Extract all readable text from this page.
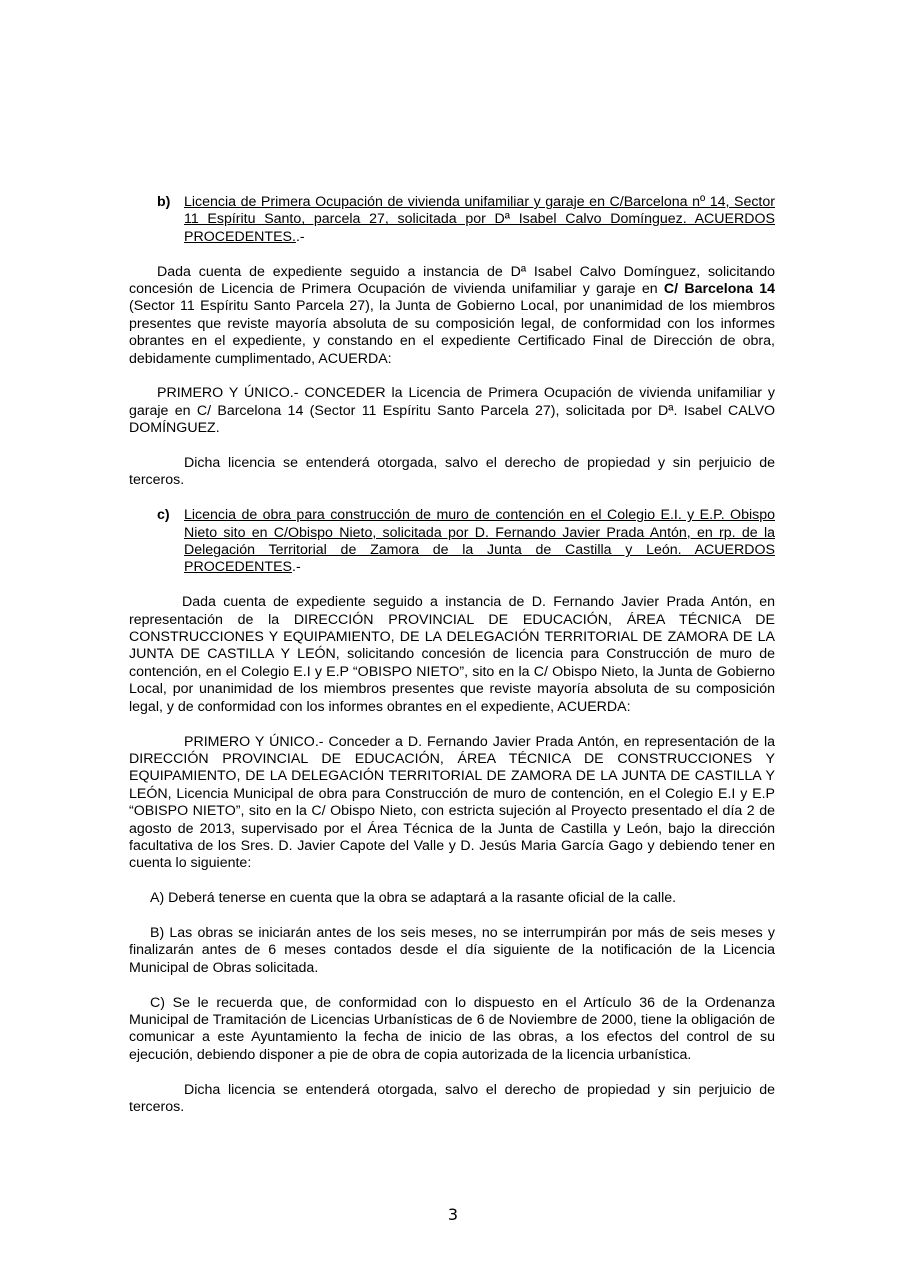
b) Licencia de Primera Ocupación de vivienda unifamiliar y garaje en C/Barcelona nº 14, Sector 11 Espíritu Santo, parcela 27, solicitada por Dª Isabel Calvo Domínguez. ACUERDOS PROCEDENTES..-

Dada cuenta de expediente seguido a instancia de Dª Isabel Calvo Domínguez, solicitando concesión de Licencia de Primera Ocupación de vivienda unifamiliar y garaje en C/ Barcelona 14 (Sector 11 Espíritu Santo Parcela 27), la Junta de Gobierno Local, por unanimidad de los miembros presentes que reviste mayoría absoluta de su composición legal, de conformidad con los informes obrantes en el expediente, y constando en el expediente Certificado Final de Dirección de obra, debidamente cumplimentado, ACUERDA:

PRIMERO Y ÚNICO.- CONCEDER la Licencia de Primera Ocupación de vivienda unifamiliar y garaje en C/ Barcelona 14 (Sector 11 Espíritu Santo Parcela 27), solicitada por Dª. Isabel CALVO DOMÍNGUEZ.

Dicha licencia se entenderá otorgada, salvo el derecho de propiedad y sin perjuicio de terceros.

c) Licencia de obra para construcción de muro de contención en el Colegio E.I. y E.P. Obispo Nieto sito en C/Obispo Nieto, solicitada por D. Fernando Javier Prada Antón, en rp. de la Delegación Territorial de Zamora de la Junta de Castilla y León. ACUERDOS PROCEDENTES.-

Dada cuenta de expediente seguido a instancia de D. Fernando Javier Prada Antón, en representación de la DIRECCIÓN PROVINCIAL DE EDUCACIÓN, ÁREA TÉCNICA DE CONSTRUCCIONES Y EQUIPAMIENTO, DE LA DELEGACIÓN TERRITORIAL DE ZAMORA DE LA JUNTA DE CASTILLA Y LEÓN, solicitando concesión de licencia para Construcción de muro de contención, en el Colegio E.I y E.P “OBISPO NIETO”, sito en la C/ Obispo Nieto, la Junta de Gobierno Local, por unanimidad de los miembros presentes que reviste mayoría absoluta de su composición legal, y de conformidad con los informes obrantes en el expediente, ACUERDA:

PRIMERO Y ÚNICO.- Conceder a D. Fernando Javier Prada Antón, en representación de la DIRECCIÓN PROVINCIAL DE EDUCACIÓN, ÁREA TÉCNICA DE CONSTRUCCIONES Y EQUIPAMIENTO, DE LA DELEGACIÓN TERRITORIAL DE ZAMORA DE LA JUNTA DE CASTILLA Y LEÓN, Licencia Municipal de obra para Construcción de muro de contención, en el Colegio E.I y E.P “OBISPO NIETO”, sito en la C/ Obispo Nieto, con estricta sujeción al Proyecto presentado el día 2 de agosto de 2013, supervisado por el Área Técnica de la Junta de Castilla y León, bajo la dirección facultativa de los Sres. D. Javier Capote del Valle y D. Jesús Maria García Gago y debiendo tener en cuenta lo siguiente:

A) Deberá tenerse en cuenta que la obra se adaptará a la rasante oficial de la calle.

B) Las obras se iniciarán antes de los seis meses, no se interrumpirán por más de seis meses y finalizarán antes de 6 meses contados desde el día siguiente de la notificación de la Licencia Municipal de Obras solicitada.

C) Se le recuerda que, de conformidad con lo dispuesto en el Artículo 36 de la Ordenanza Municipal de Tramitación de Licencias Urbanísticas de 6 de Noviembre de 2000, tiene la obligación de comunicar a este Ayuntamiento la fecha de inicio de las obras, a los efectos del control de su ejecución, debiendo disponer a pie de obra de copia autorizada de la licencia urbanística.

Dicha licencia se entenderá otorgada, salvo el derecho de propiedad y sin perjuicio de terceros.

3
